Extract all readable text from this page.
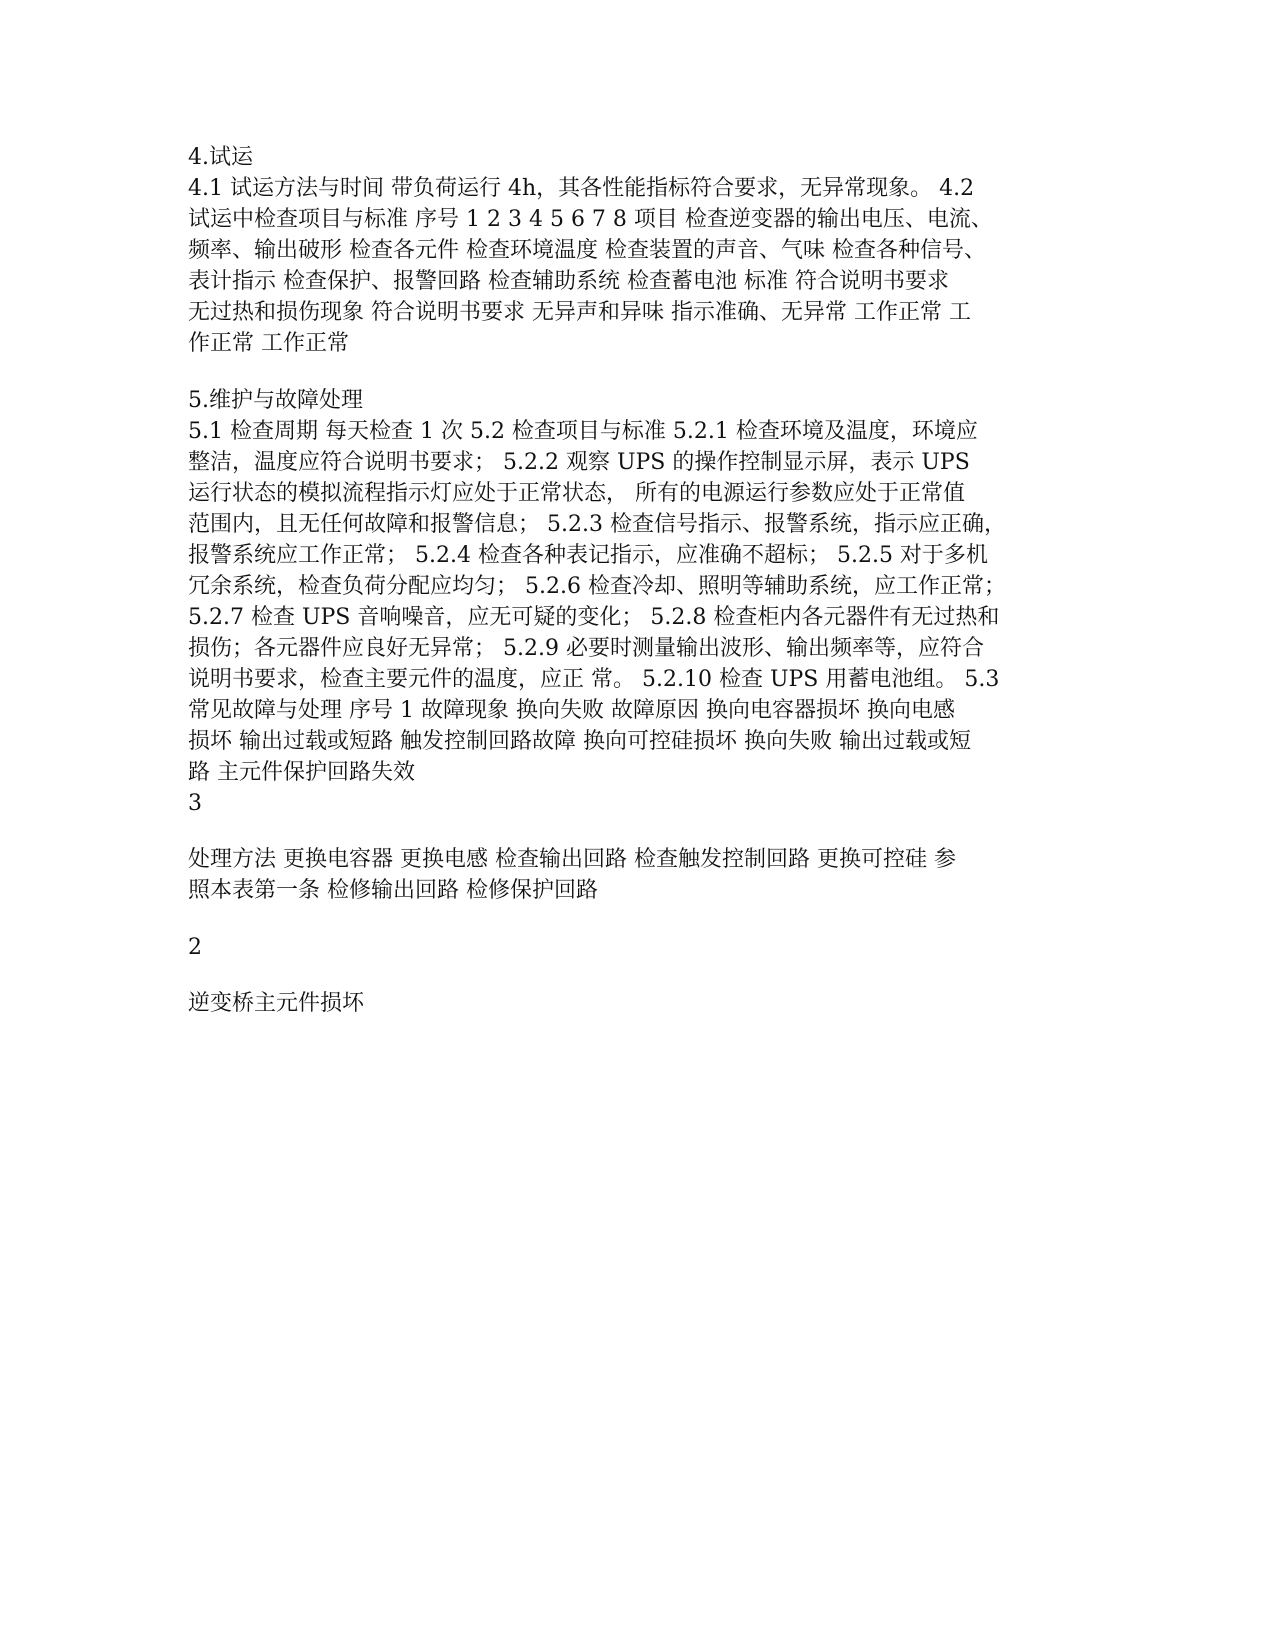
4.试运
4.1 试运方法与时间 带负荷运行 4h，其各性能指标符合要求，无异常现象。 4.2
试运中检查项目与标准 序号 1 2 3 4 5 6 7 8 项目 检查逆变器的输出电压、电流、
频率、输出破形 检查各元件 检查环境温度 检查装置的声音、气味 检查各种信号、
表计指示 检查保护、报警回路 检查辅助系统 检查蓄电池 标准 符合说明书要求
无过热和损伤现象 符合说明书要求 无异声和异味 指示准确、无异常 工作正常 工
作正常 工作正常
5.维护与故障处理
5.1 检查周期 每天检查 1 次 5.2 检查项目与标准 5.2.1 检查环境及温度，环境应
整洁，温度应符合说明书要求； 5.2.2 观察 UPS 的操作控制显示屏，表示 UPS
运行状态的模拟流程指示灯应处于正常状态， 所有的电源运行参数应处于正常值
范围内，且无任何故障和报警信息； 5.2.3 检查信号指示、报警系统，指示应正确，
报警系统应工作正常； 5.2.4 检查各种表记指示，应准确不超标； 5.2.5 对于多机
冗余系统，检查负荷分配应均匀； 5.2.6 检查冷却、照明等辅助系统，应工作正常；
5.2.7 检查 UPS 音响噪音，应无可疑的变化； 5.2.8 检查柜内各元器件有无过热和
损伤；各元器件应良好无异常； 5.2.9 必要时测量输出波形、输出频率等，应符合
说明书要求，检查主要元件的温度，应正 常。 5.2.10 检查 UPS 用蓄电池组。 5.3
常见故障与处理 序号 1 故障现象 换向失败 故障原因 换向电容器损坏 换向电感
损坏 输出过载或短路 触发控制回路故障 换向可控硅损坏 换向失败 输出过载或短
路 主元件保护回路失效
3
处理方法 更换电容器 更换电感 检查输出回路 检查触发控制回路 更换可控硅 参
照本表第一条 检修输出回路 检修保护回路
2
逆变桥主元件损坏
